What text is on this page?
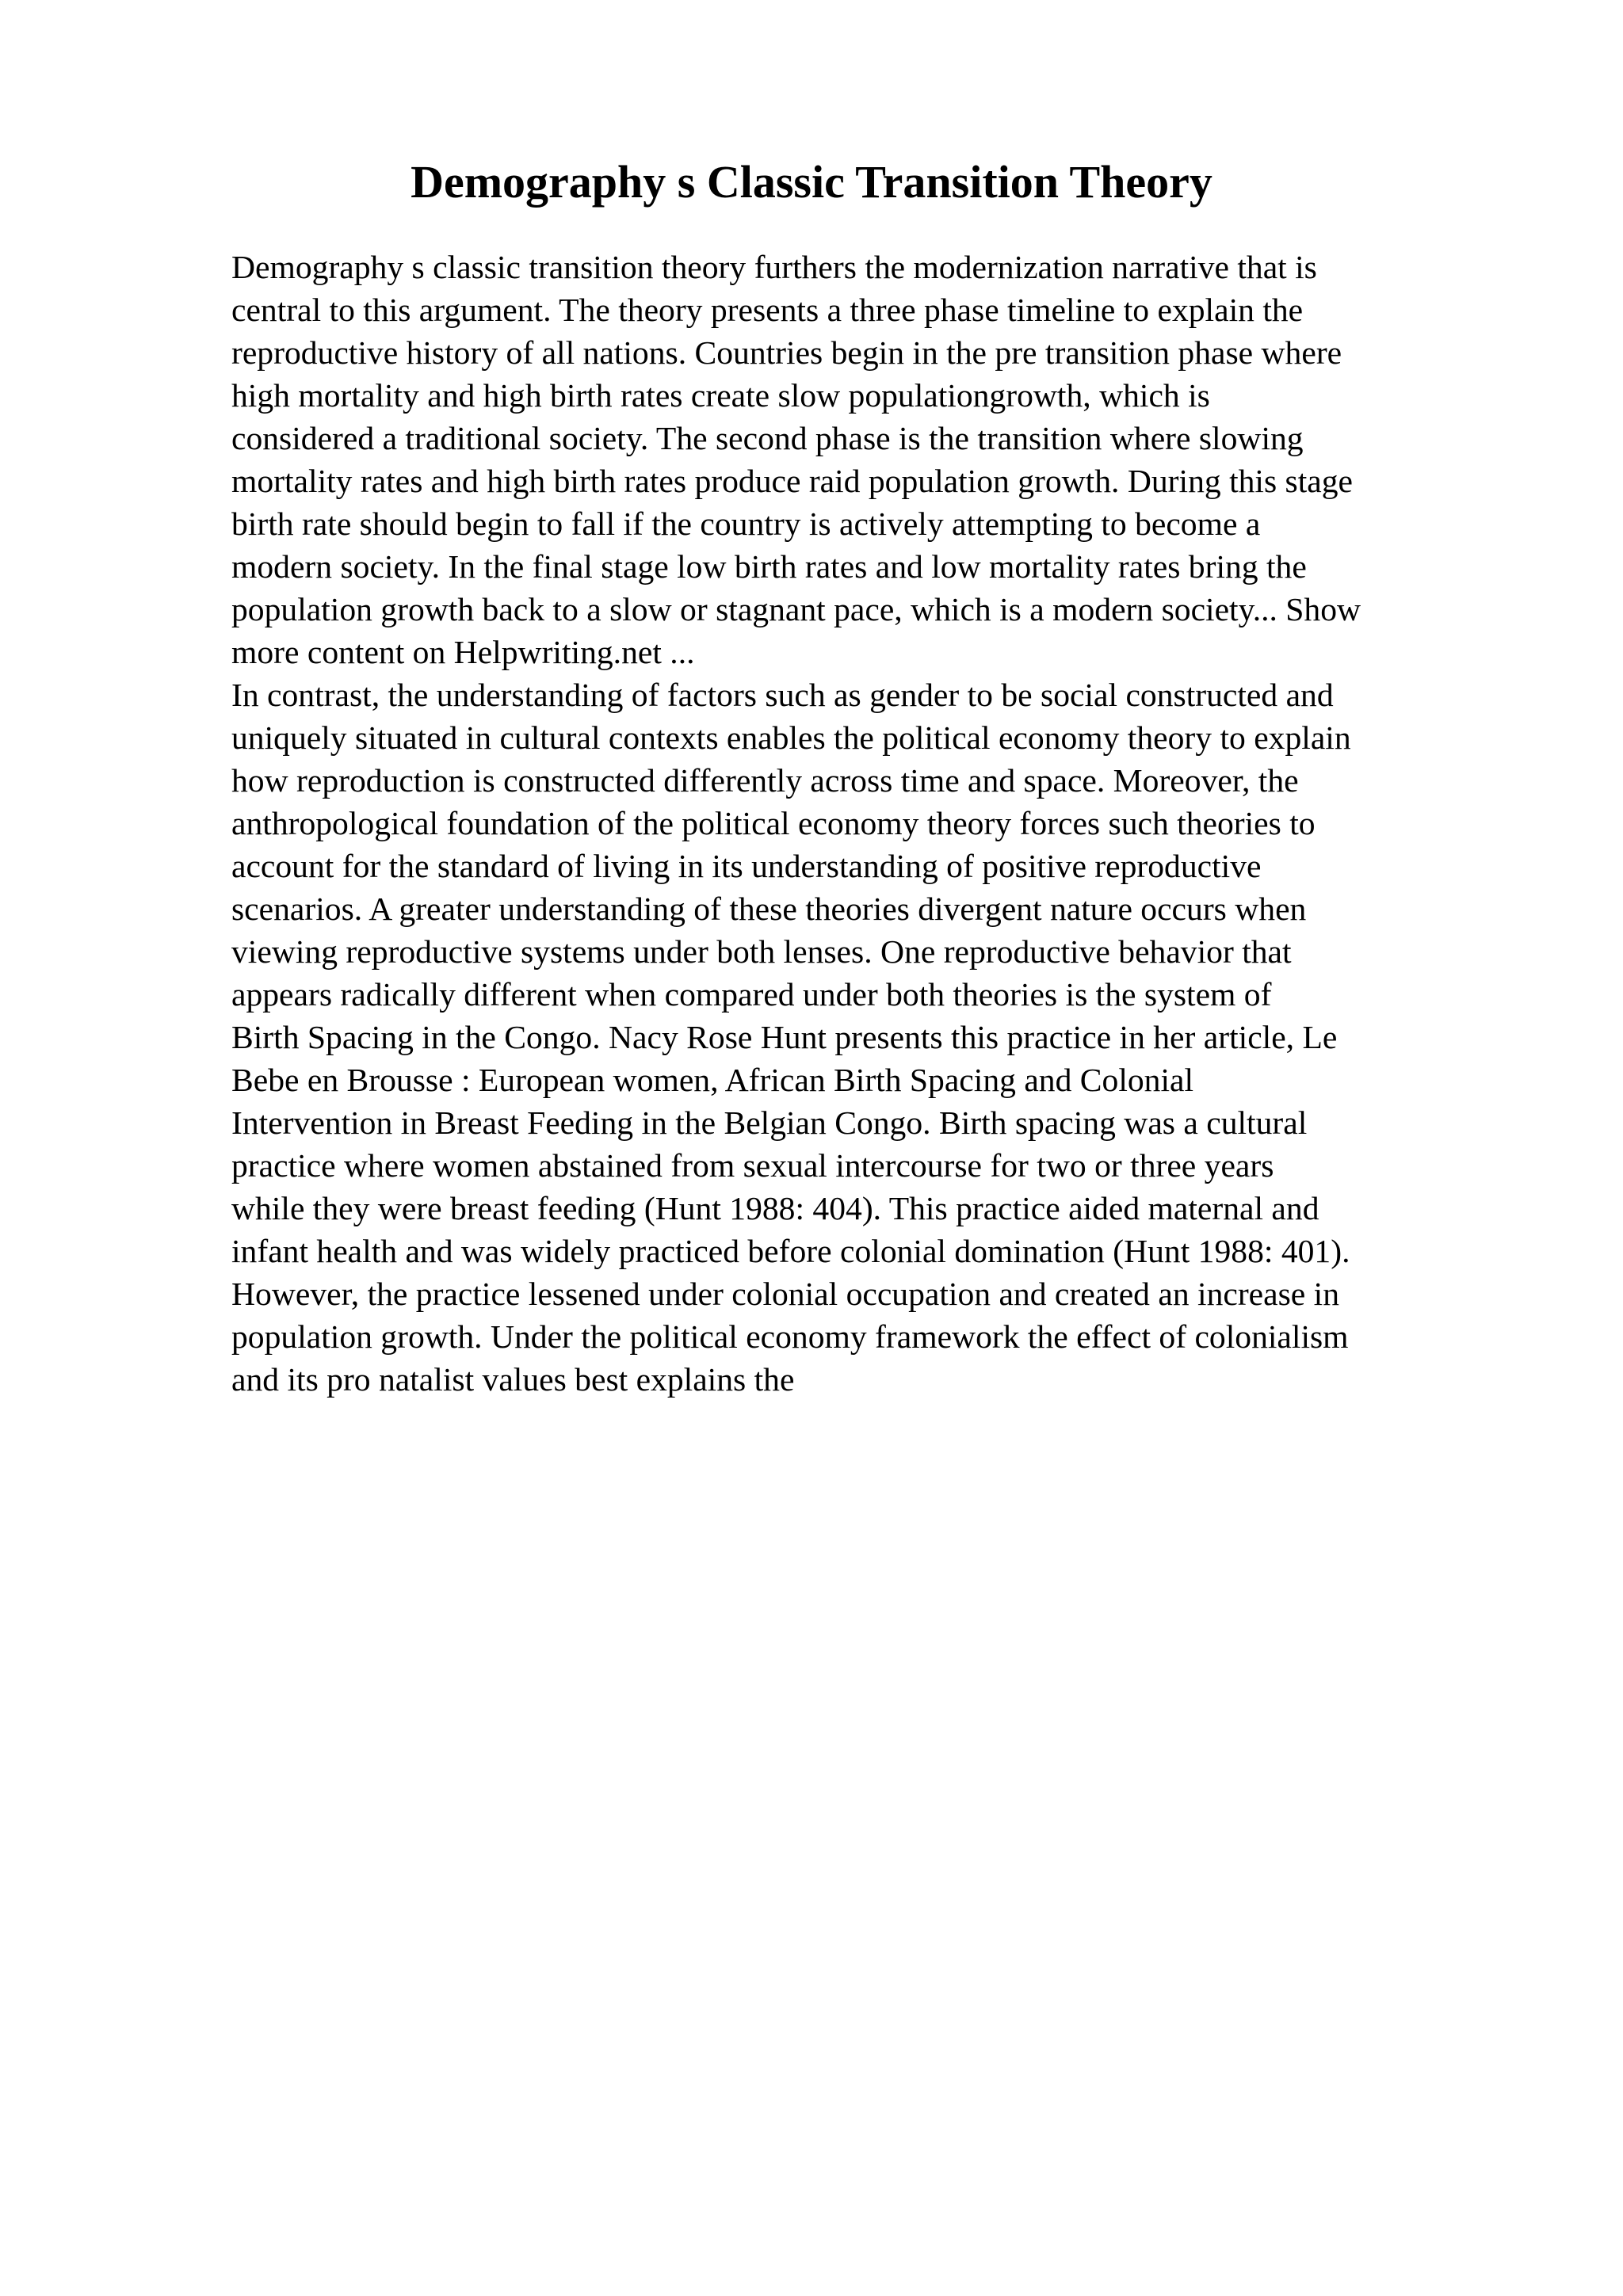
Demography s Classic Transition Theory
Demography s classic transition theory furthers the modernization narrative that is
central to this argument. The theory presents a three phase timeline to explain the
reproductive history of all nations. Countries begin in the pre transition phase where
high mortality and high birth rates create slow populationgrowth, which is
considered a traditional society. The second phase is the transition where slowing
mortality rates and high birth rates produce raid population growth. During this stage
birth rate should begin to fall if the country is actively attempting to become a
modern society. In the final stage low birth rates and low mortality rates bring the
population growth back to a slow or stagnant pace, which is a modern society... Show
more content on Helpwriting.net ...
In contrast, the understanding of factors such as gender to be social constructed and
uniquely situated in cultural contexts enables the political economy theory to explain
how reproduction is constructed differently across time and space. Moreover, the
anthropological foundation of the political economy theory forces such theories to
account for the standard of living in its understanding of positive reproductive
scenarios. A greater understanding of these theories divergent nature occurs when
viewing reproductive systems under both lenses. One reproductive behavior that
appears radically different when compared under both theories is the system of
Birth Spacing in the Congo. Nacy Rose Hunt presents this practice in her article, Le
Bebe en Brousse : European women, African Birth Spacing and Colonial
Intervention in Breast Feeding in the Belgian Congo. Birth spacing was a cultural
practice where women abstained from sexual intercourse for two or three years
while they were breast feeding (Hunt 1988: 404). This practice aided maternal and
infant health and was widely practiced before colonial domination (Hunt 1988: 401).
However, the practice lessened under colonial occupation and created an increase in
population growth. Under the political economy framework the effect of colonialism
and its pro natalist values best explains the
